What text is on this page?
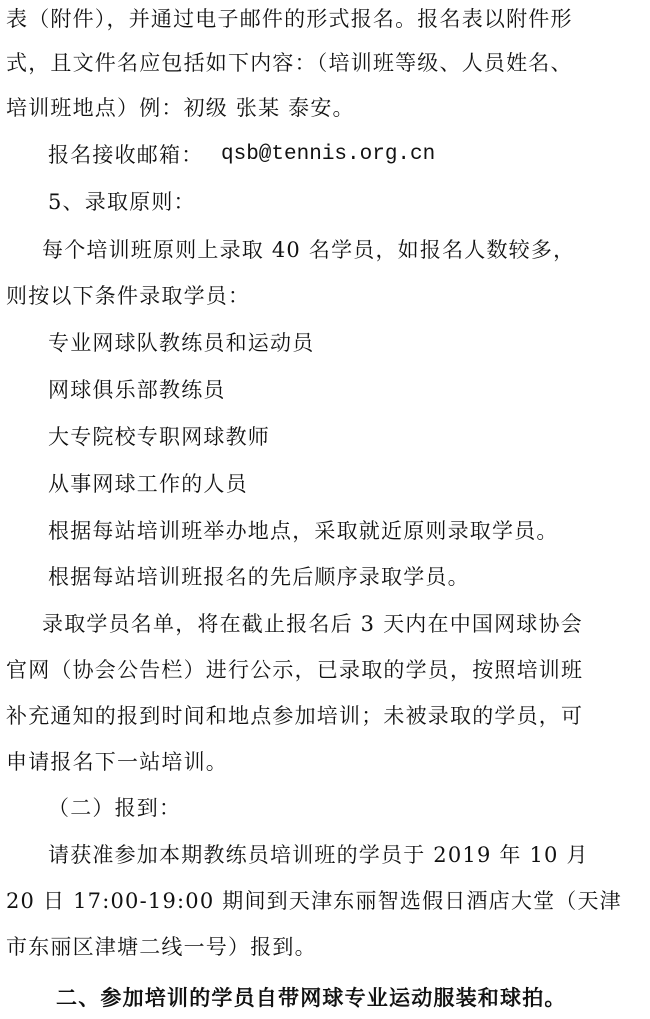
表（附件），并通过电子邮件的形式报名。报名表以附件形
式，且文件名应包括如下内容：（培训班等级、人员姓名、
培训班地点）例：初级 张某 泰安。
报名接收邮箱： qsb@tennis.org.cn
5、录取原则：
每个培训班原则上录取 40 名学员，如报名人数较多，
则按以下条件录取学员：
专业网球队教练员和运动员
网球俱乐部教练员
大专院校专职网球教师
从事网球工作的人员
根据每站培训班举办地点，采取就近原则录取学员。
根据每站培训班报名的先后顺序录取学员。
录取学员名单，将在截止报名后 3 天内在中国网球协会
官网（协会公告栏）进行公示，已录取的学员，按照培训班
补充通知的报到时间和地点参加培训；未被录取的学员，可
申请报名下一站培训。
（二）报到：
请获准参加本期教练员培训班的学员于 2019 年 10 月
20 日 17:00-19:00 期间到天津东丽智选假日酒店大堂（天津
市东丽区津塘二线一号）报到。
二、参加培训的学员自带网球专业运动服装和球拍。
